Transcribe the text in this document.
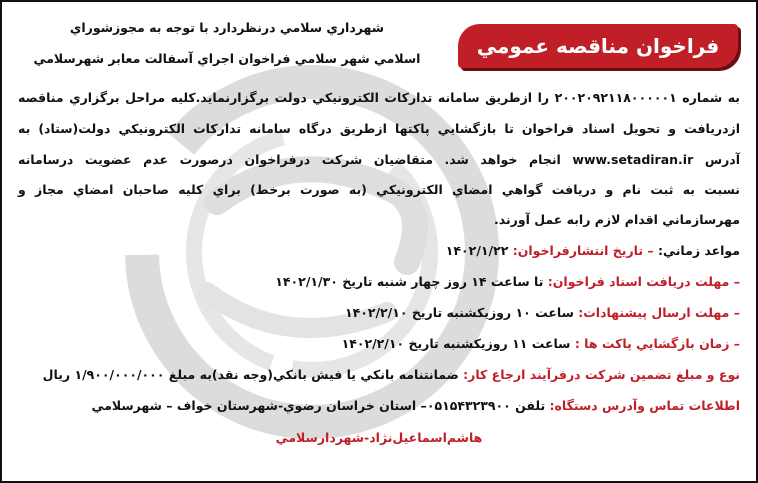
فراخوان مناقصه عمومي
شهرداري سلامي درنظردارد با توجه به مجوزشوراي
اسلامي شهر سلامي فراخوان اجراي آسفالت معابر شهرسلامي
به شماره ۲۰۰۲۰۹۲۱۱۸۰۰۰۰۰۱ را ازطريق سامانه تدارکات الکترونيکي دولت برگزارنمايد.کليه مراحل برگزاري مناقصه
ازدريافت و تحويل اسناد فراخوان تا بازگشايي پاکتها ازطريق درگاه سامانه تدارکات الکترونيکي دولت(ستاد) به
آدرس www.setadiran.ir انجام خواهد شد. متقاضيان شرکت درفراخوان درصورت عدم عضويت درسامانه
نسبت به ثبت نام و دريافت گواهي امضاي الکترونيکي (به صورت برخط) براي کليه صاحبان امضاي مجاز و
مهرسازماني اقدام لازم رابه عمل آورند.
مواعد زماني: – تاريخ انتشارفراخوان: ۱۴۰۲/۱/۲۲
– مهلت دريافت اسناد فراخوان: تا ساعت ۱۴ روز چهار شنبه تاريخ ۱۴۰۲/۱/۳۰
– مهلت ارسال پيشنهادات: ساعت ۱۰ روزيکشنبه تاريخ ۱۴۰۲/۲/۱۰
– زمان بازگشايي پاکت ها : ساعت ۱۱ روزيکشنبه تاريخ ۱۴۰۲/۲/۱۰
نوع و مبلغ تضمين شرکت درفرآيند ارجاع کار: ضمانتنامه بانکي يا فيش بانکي(وجه نقد)به مبلغ ۱/۹۰۰/۰۰۰/۰۰۰ ريال
اطلاعات تماس وآدرس دستگاه: تلفن ۰۵۱۵۴۳۲۳۹۰۰– استان خراسان رضوي-شهرستان خواف – شهرسلامي
هاشم‌اسماعيل‌نژاد-شهردارسلامي
